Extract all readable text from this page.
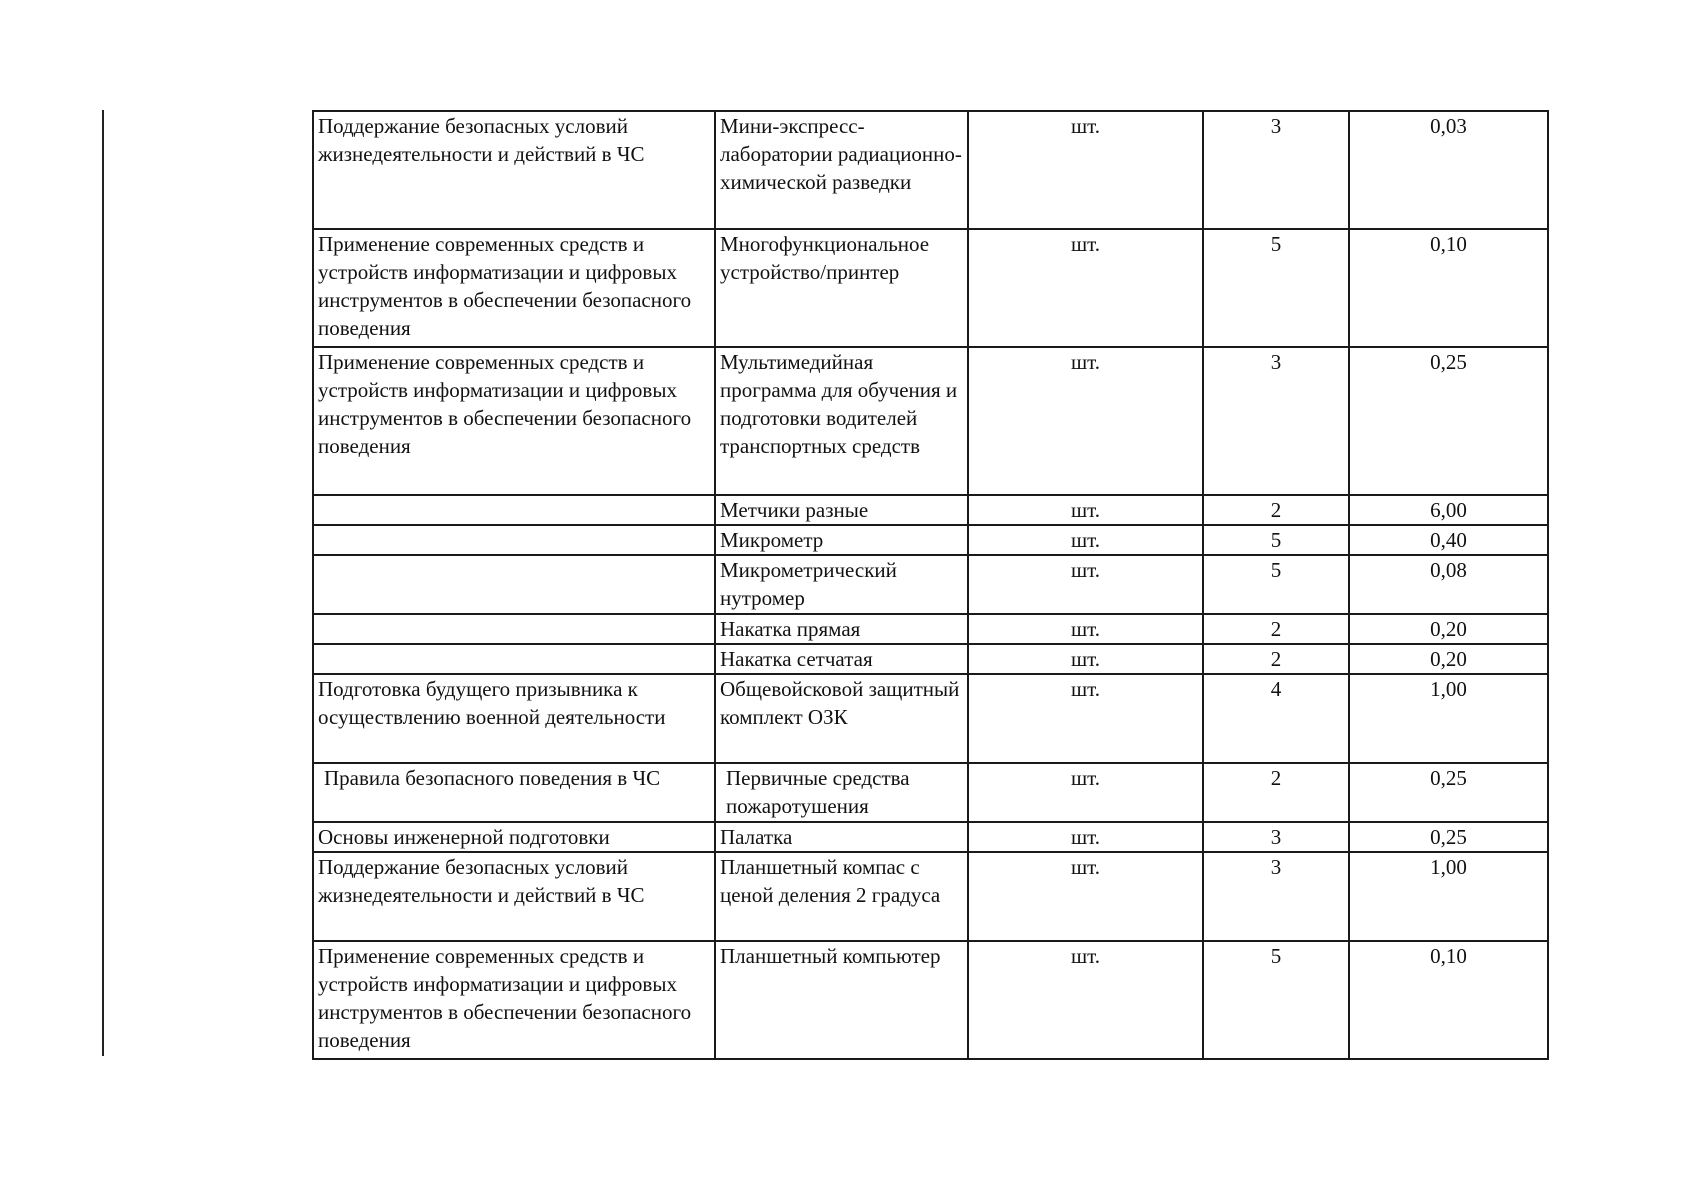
Поддержание безопасных условий жизнедеятельности и действий в ЧС	Мини-экспресс-лаборатории радиационно-химической разведки	шт.	3	0,03
Применение современных средств и устройств информатизации и цифровых инструментов в обеспечении безопасного поведения	Многофункциональное устройство/принтер	шт.	5	0,10
Применение современных средств и устройств информатизации и цифровых инструментов в обеспечении безопасного поведения	Мультимедийная программа для обучения и подготовки водителей транспортных средств	шт.	3	0,25
	Метчики разные	шт.	2	6,00
	Микрометр	шт.	5	0,40
	Микрометрический нутромер	шт.	5	0,08
	Накатка прямая	шт.	2	0,20
	Накатка сетчатая	шт.	2	0,20
Подготовка будущего призывника к осуществлению военной деятельности	Общевойсковой защитный комплект ОЗК	шт.	4	1,00
Правила безопасного поведения в ЧС	Первичные средства пожаротушения	шт.	2	0,25
Основы инженерной подготовки	Палатка	шт.	3	0,25
Поддержание безопасных условий жизнедеятельности и действий в ЧС	Планшетный компас с ценой деления 2 градуса	шт.	3	1,00
Применение современных средств и устройств информатизации и цифровых инструментов в обеспечении безопасного поведения	Планшетный компьютер	шт.	5	0,10
